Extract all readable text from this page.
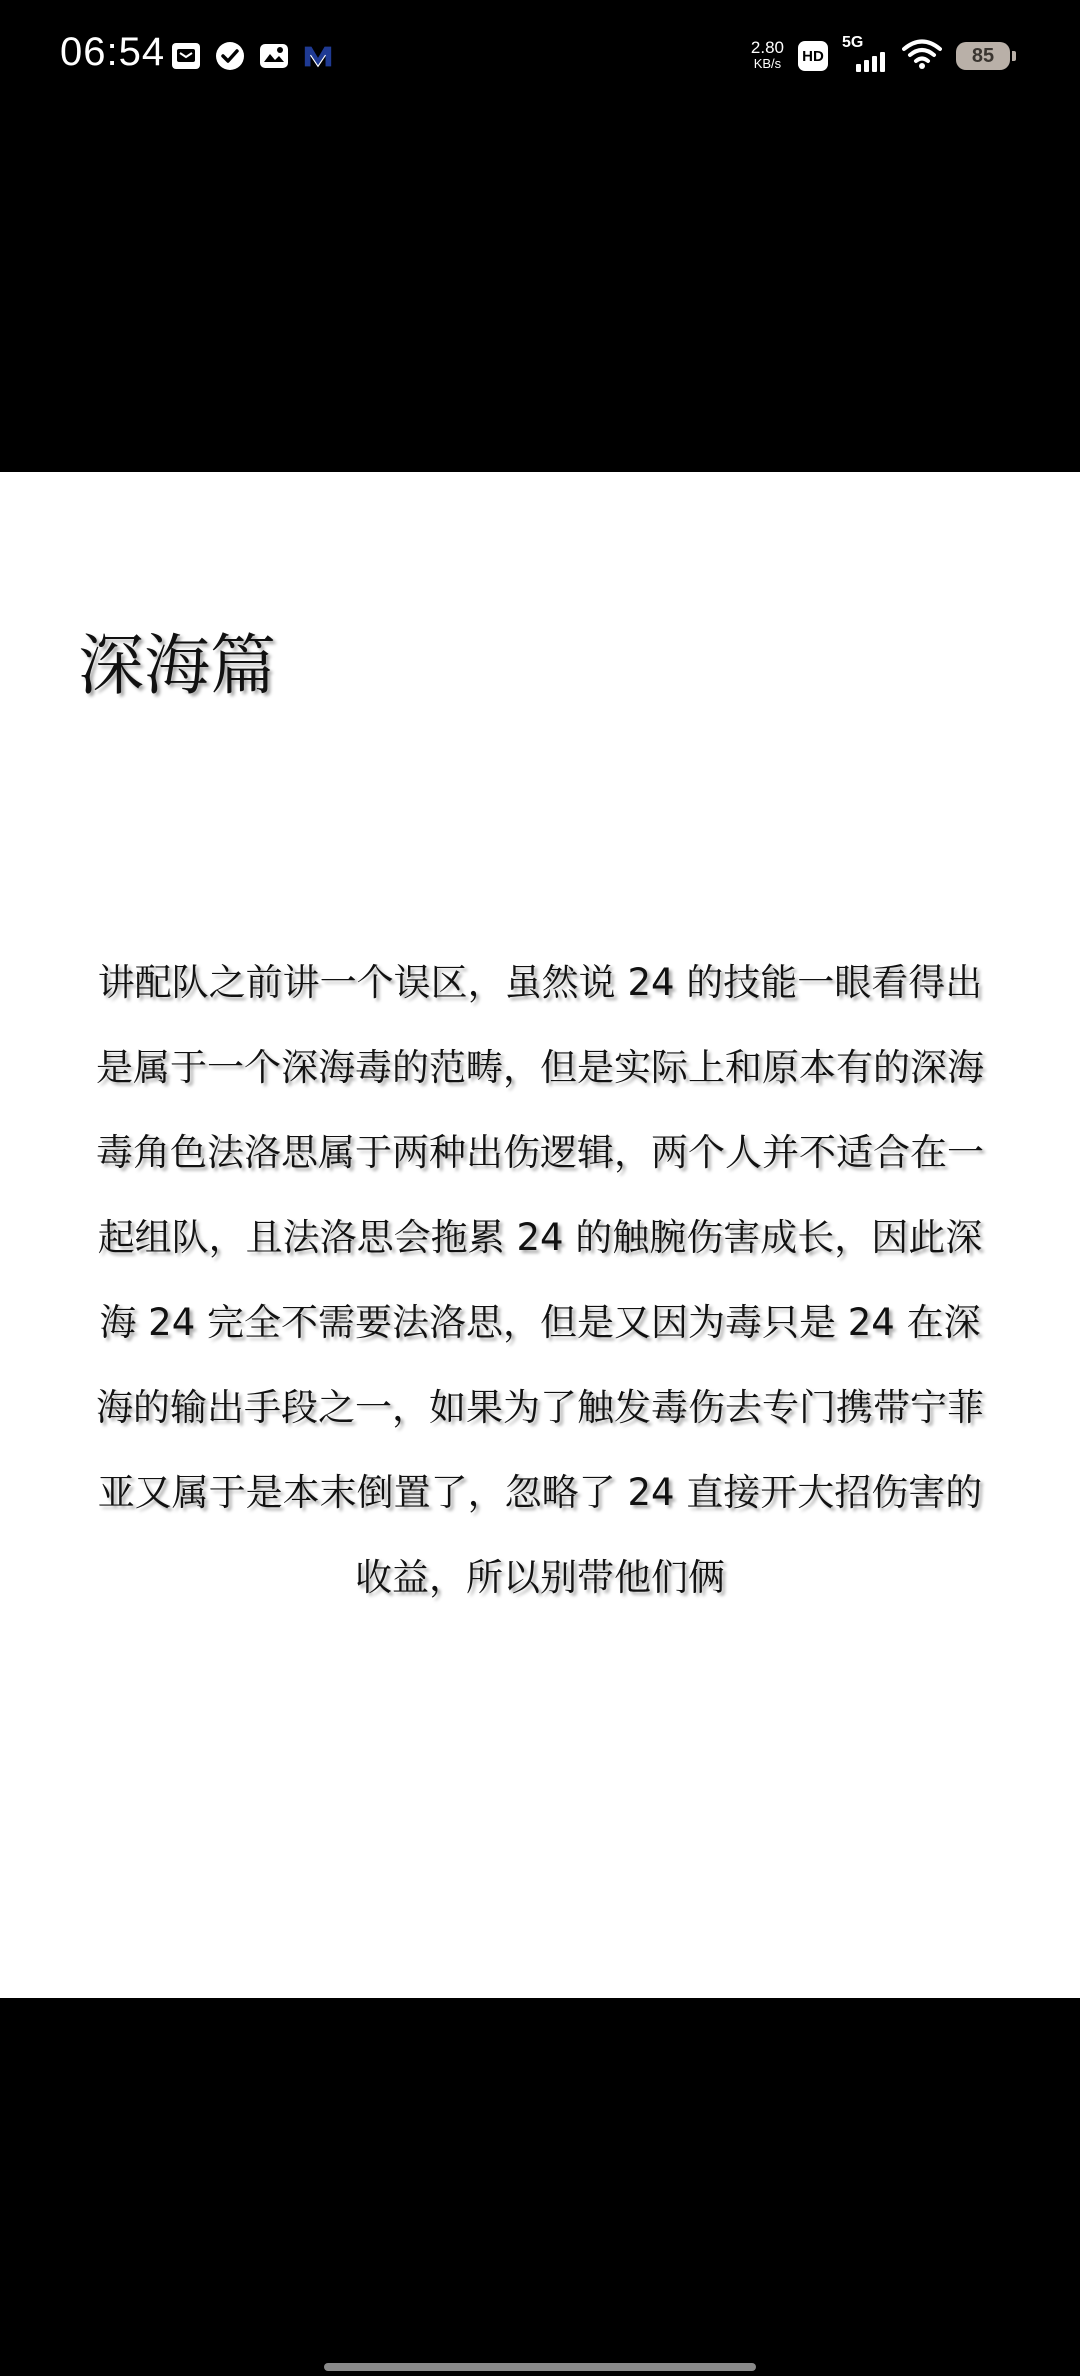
06:54	2.80
KB/s HD
5G
85
深海篇

讲配队之前讲一个误区，虽然说 24 的技能一眼看得出是属于一个深海毒的范畴，但是实际上和原本有的深海毒角色法洛思属于两种出伤逻辑，两个人并不适合在一起组队，且法洛思会拖累 24 的触腕伤害成长，因此深海 24 完全不需要法洛思，但是又因为毒只是 24 在深海的输出手段之一，如果为了触发毒伤去专门携带宁菲亚又属于是本末倒置了，忽略了 24 直接开大招伤害的收益，所以别带他们俩
